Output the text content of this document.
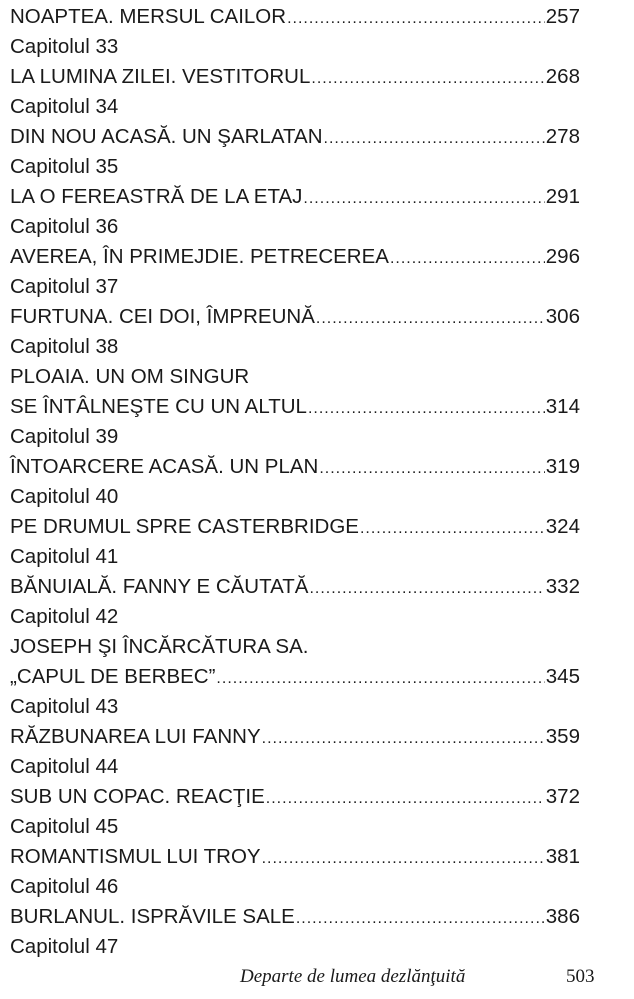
NOAPTEA. MERSUL CAILOR .....	257
Capitolul 33
LA LUMINA ZILEI. VESTITORUL .....	268
Capitolul 34
DIN NOU ACASĂ. UN ŞARLATAN .....	278
Capitolul 35
LA O FEREASTRĂ DE LA ETAJ .....	291
Capitolul 36
AVEREA, ÎN PRIMEJDIE. PETRECEREA .....	296
Capitolul 37
FURTUNA. CEI DOI, ÎMPREUNĂ .....	306
Capitolul 38
PLOAIA. UN OM SINGUR
SE ÎNTÂLNEŞTE CU UN ALTUL .....	314
Capitolul 39
ÎNTOARCERE ACASĂ. UN PLAN .....	319
Capitolul 40
PE DRUMUL SPRE CASTERBRIDGE .....	324
Capitolul 41
BĂNUIALĂ. FANNY E CĂUTATĂ .....	332
Capitolul 42
JOSEPH ŞI ÎNCĂRCĂTURA SA.
„CAPUL DE BERBEC” .....	345
Capitolul 43
RĂZBUNAREA LUI FANNY .....	359
Capitolul 44
SUB UN COPAC. REACŢIE .....	372
Capitolul 45
ROMANTISMUL LUI TROY .....	381
Capitolul 46
BURLANUL. ISPRĂVILE SALE .....	386
Capitolul 47
Departe de lumea dezlănţuită	503
